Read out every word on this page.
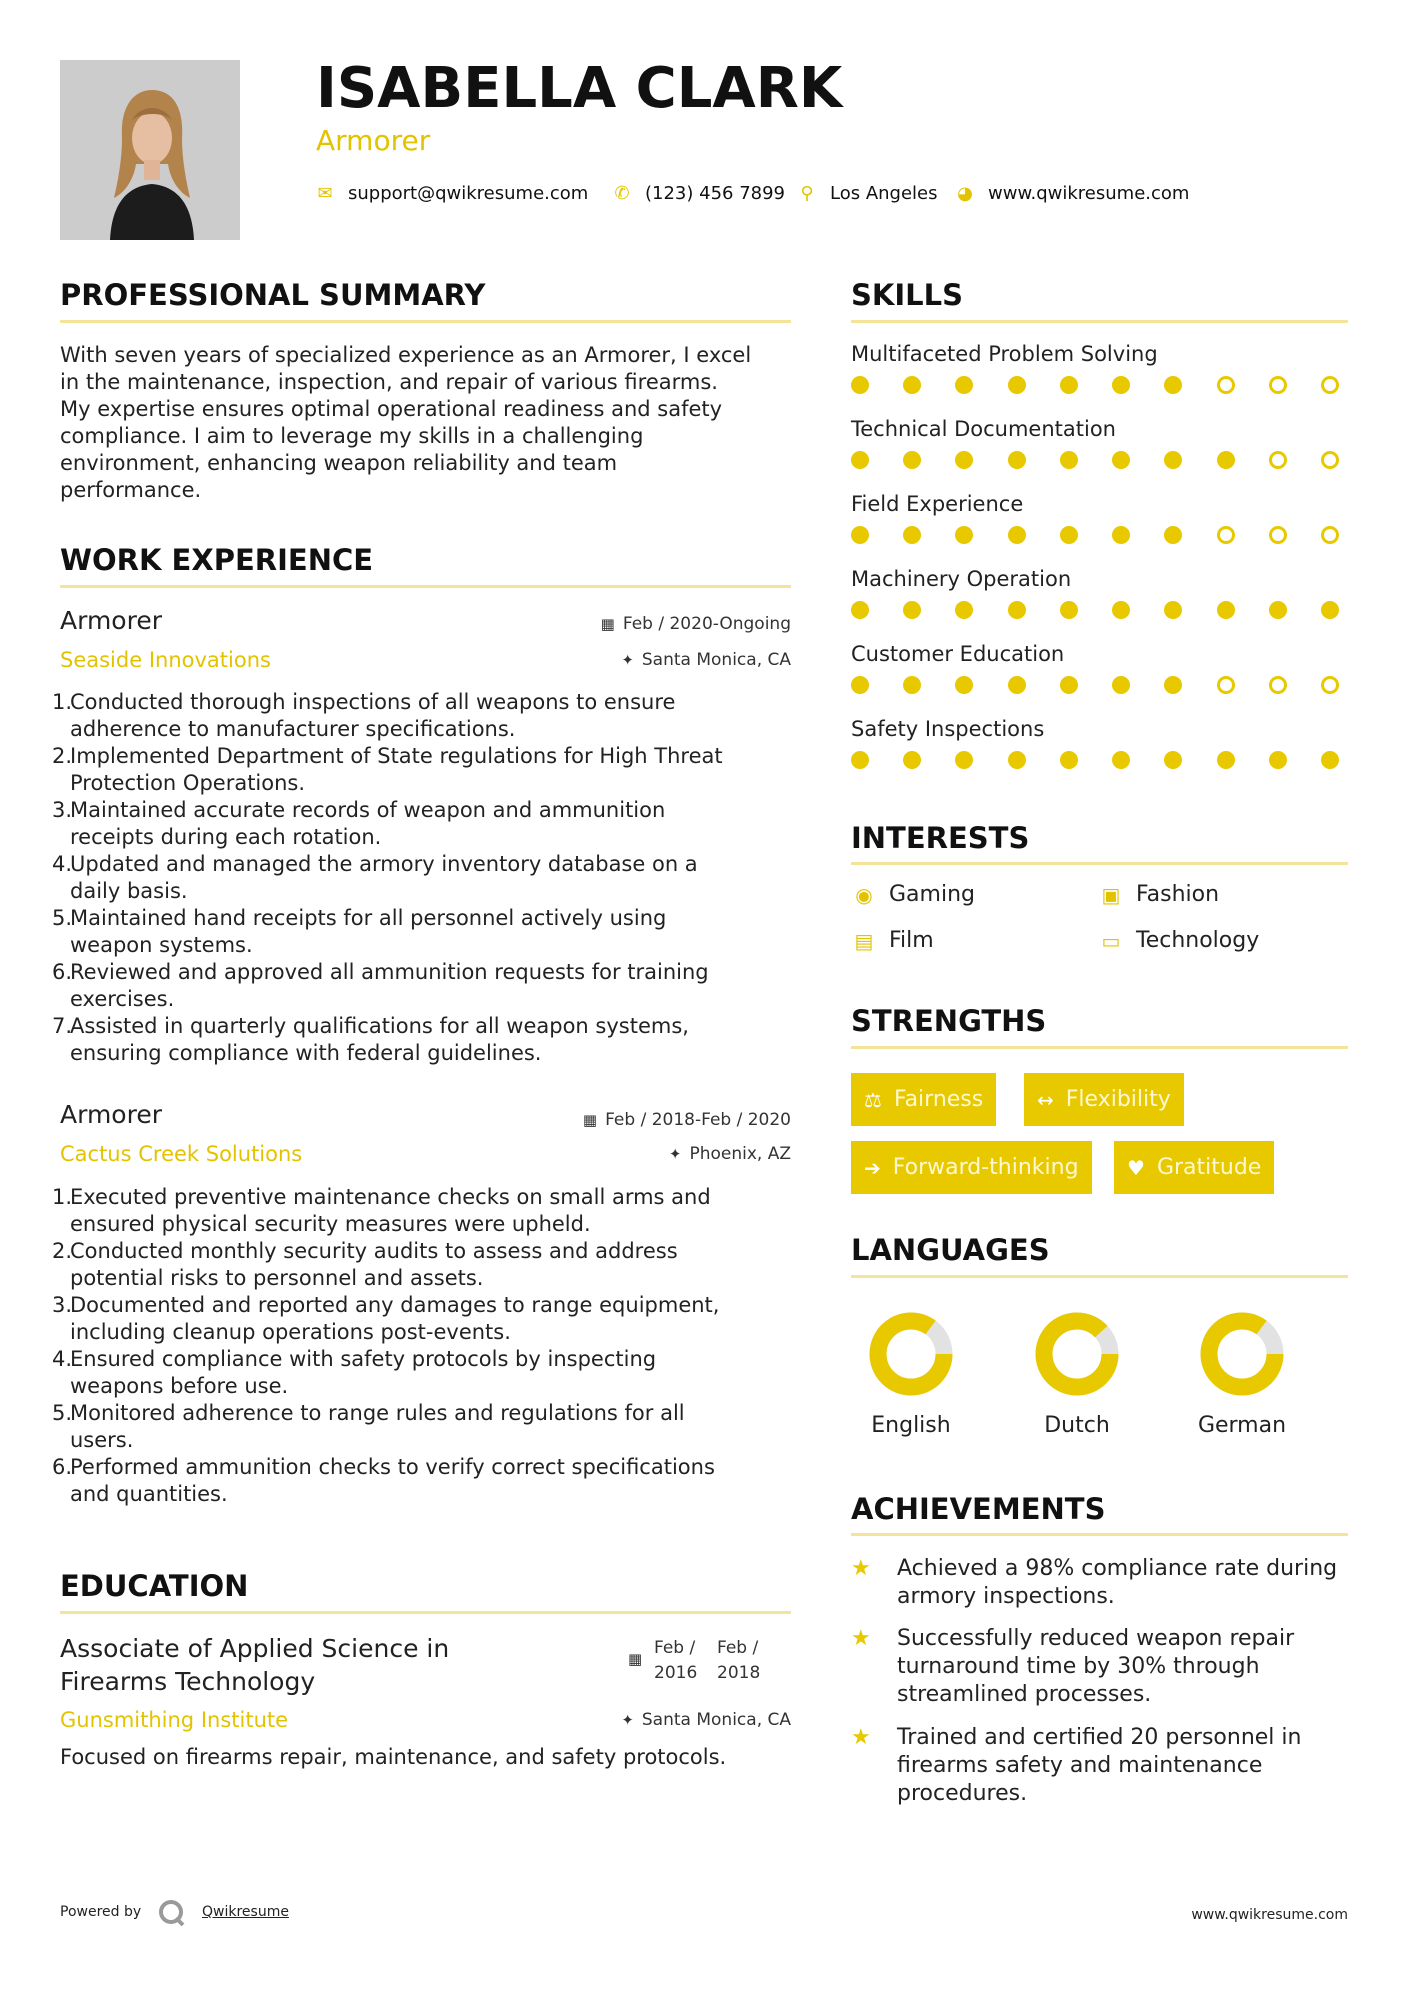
ISABELLA CLARK
Armorer
✉ support@qwikresume.com ✆ (123) 456 7899 ⚲ Los Angeles ◕ www.qwikresume.com
PROFESSIONAL SUMMARY
With seven years of specialized experience as an Armorer, I excel
in the maintenance, inspection, and repair of various firearms.
My expertise ensures optimal operational readiness and safety
compliance. I aim to leverage my skills in a challenging
environment, enhancing weapon reliability and team
performance.
WORK EXPERIENCE
Armorer	▦ Feb / 2020-Ongoing
Seaside Innovations	✦ Santa Monica, CA
1.
Conducted thorough inspections of all weapons to ensure
adherence to manufacturer specifications.
2.
Implemented Department of State regulations for High Threat
Protection Operations.
3.
Maintained accurate records of weapon and ammunition
receipts during each rotation.
4.
Updated and managed the armory inventory database on a
daily basis.
5.
Maintained hand receipts for all personnel actively using
weapon systems.
6.
Reviewed and approved all ammunition requests for training
exercises.
7.
Assisted in quarterly qualifications for all weapon systems,
ensuring compliance with federal guidelines.
Armorer	▦ Feb / 2018-Feb / 2020
Cactus Creek Solutions	✦ Phoenix, AZ
1.
Executed preventive maintenance checks on small arms and
ensured physical security measures were upheld.
2.
Conducted monthly security audits to assess and address
potential risks to personnel and assets.
3.
Documented and reported any damages to range equipment,
including cleanup operations post-events.
4.
Ensured compliance with safety protocols by inspecting
weapons before use.
5.
Monitored adherence to range rules and regulations for all
users.
6.
Performed ammunition checks to verify correct specifications
and quantities.
EDUCATION
Associate of Applied Science in
Firearms Technology
▦
Feb /
2016
Feb /
2018
Gunsmithing Institute	✦ Santa Monica, CA
Focused on firearms repair, maintenance, and safety protocols.
SKILLS
Multifaceted Problem Solving
Technical Documentation
Field Experience
Machinery Operation
Customer Education
Safety Inspections
INTERESTS
◉ Gaming	▣ Fashion
▤ Film	▭ Technology
STRENGTHS
⚖ Fairness	↔ Flexibility
➔ Forward-thinking ♥ Gratitude
LANGUAGES
English	Dutch	German
ACHIEVEMENTS
★	Achieved a 98% compliance rate during
armory inspections.
★	Successfully reduced weapon repair
turnaround time by 30% through
streamlined processes.
★	Trained and certified 20 personnel in
firearms safety and maintenance
procedures.
Powered by	Qwikresume	www.qwikresume.com
